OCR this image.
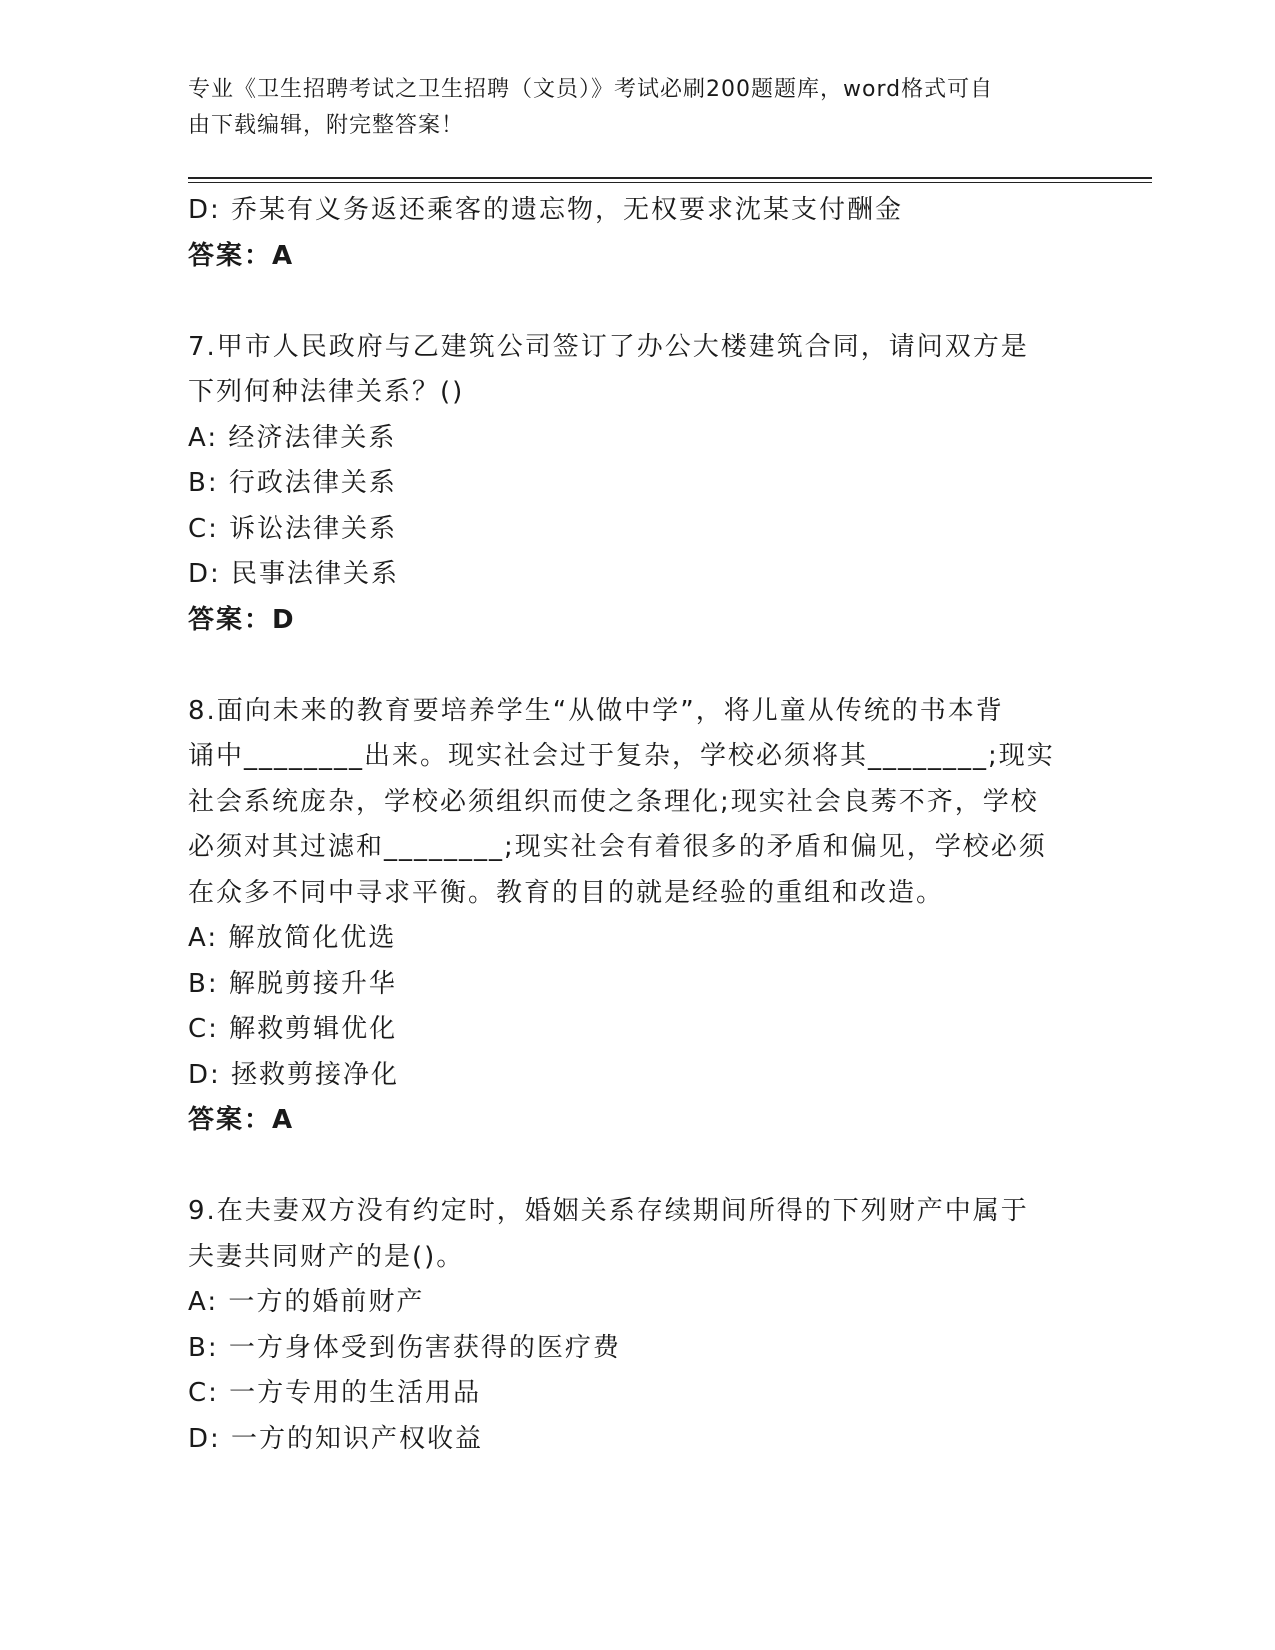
专业《卫生招聘考试之卫生招聘（文员）》考试必刷200题题库，word格式可自
由下载编辑，附完整答案！
D: 乔某有义务返还乘客的遗忘物，无权要求沈某支付酬金
答案：A
7.甲市人民政府与乙建筑公司签订了办公大楼建筑合同，请问双方是
下列何种法律关系？()
A: 经济法律关系
B: 行政法律关系
C: 诉讼法律关系
D: 民事法律关系
答案：D
8.面向未来的教育要培养学生“从做中学”，将儿童从传统的书本背
诵中________出来。现实社会过于复杂，学校必须将其________;现实
社会系统庞杂，学校必须组织而使之条理化;现实社会良莠不齐，学校
必须对其过滤和________;现实社会有着很多的矛盾和偏见，学校必须
在众多不同中寻求平衡。教育的目的就是经验的重组和改造。
A: 解放简化优选
B: 解脱剪接升华
C: 解救剪辑优化
D: 拯救剪接净化
答案：A
9.在夫妻双方没有约定时，婚姻关系存续期间所得的下列财产中属于
夫妻共同财产的是()。
A: 一方的婚前财产
B: 一方身体受到伤害获得的医疗费
C: 一方专用的生活用品
D: 一方的知识产权收益
